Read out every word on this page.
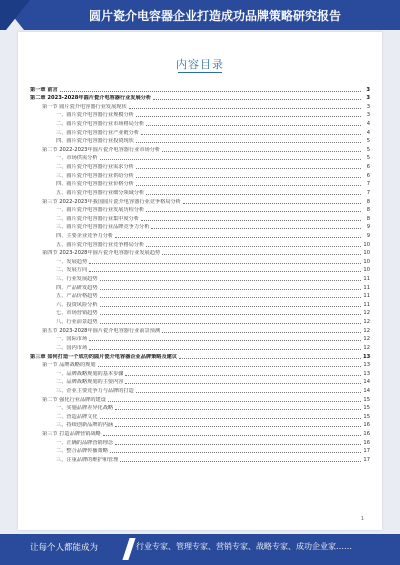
圆片瓷介电容器企业打造成功品牌策略研究报告
内容目录
第一章 前言	3
第二章 2023-2028年圆片瓷介电容器行业发展分析	3
第一节 圆片瓷介电容器行业发展现状	3
一、圆片瓷介电容器行业规模分析	3
二、圆片瓷介电容器行业市场格局分析	4
三、圆片瓷介电容器行业产业链分析	4
四、圆片瓷介电容器行业投资现状	5
第二节 2022-2023年圆片瓷介电容器行业市场分析	5
一、市场供需分析	5
二、圆片瓷介电容器行业需求分析	6
三、圆片瓷介电容器行业供给分析	6
四、圆片瓷介电容器行业价格分析	7
五、圆片瓷介电容器行业细分领域分析	7
第三节 2022-2023年我国圆片瓷介电容器行业竞争格局分析	8
一、圆片瓷介电容器行业发展历程分析	8
二、圆片瓷介电容器行业集中度分析	8
三、圆片瓷介电容器行业品牌竞争力分析	9
四、主要企业竞争力分析	9
五、圆片瓷介电容器行业竞争格局分析	10
第四节 2023-2028年圆片瓷介电容器行业发展趋势	10
一、发展趋势	10
二、发展方向	10
三、行业发展趋势	11
四、产品研发趋势	11
五、产品价格趋势	11
六、投资风险分析	11
七、市场营销趋势	12
八、行业前景趋势	12
第五节 2023-2028年圆片瓷介电容器行业前景预测	12
一、国际市场	12
二、国内市场	12
第三章 如何打造一个成功的圆片瓷介电容器企业品牌策略及建议	13
第一节 品牌战略的规划	13
一、品牌战略规划的基本步骤	13
二、品牌战略规划的主要内容	14
三、企业主要竞争力与品牌的打造	14
第二节 强化行业品牌的建设	15
一、实施品牌差异化战略	15
二、营造品牌文化	15
三、持续创新品牌的内涵	16
第三节 打造品牌营销战略	16
一、正确的品牌营销理念	16
二、整合品牌传播策略	17
三、注重品牌的维护和管理	17
1
让每个人都能成为	行业专家、管理专家、营销专家、战略专家、成功企业家……
